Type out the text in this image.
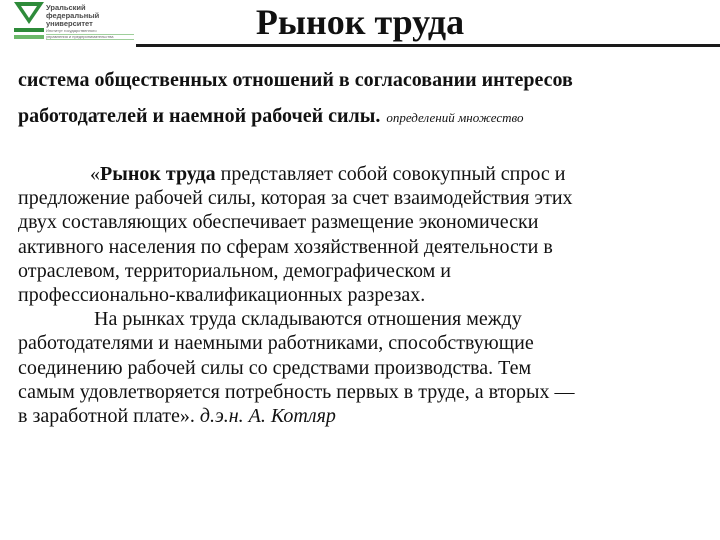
Уральский
федеральный
университет
Институт государственного
управления и предпринимательства	Рынок труда
система общественных отношений в согласовании интересов
работодателей и наемной рабочей силы. определений множество
«Рынок труда представляет собой совокупный спрос и
предложение рабочей силы, которая за счет взаимодействия этих
двух составляющих обеспечивает размещение экономически
активного населения по сферам хозяйственной деятельности в
отраслевом, территориальном, демографическом и
профессионально-квалификационных разрезах.
На рынках труда складываются отношения между
работодателями и наемными работниками, способствующие
соединению рабочей силы со средствами производства. Тем
самым удовлетворяется потребность первых в труде, а вторых —
в заработной плате». д.э.н. А. Котляр
